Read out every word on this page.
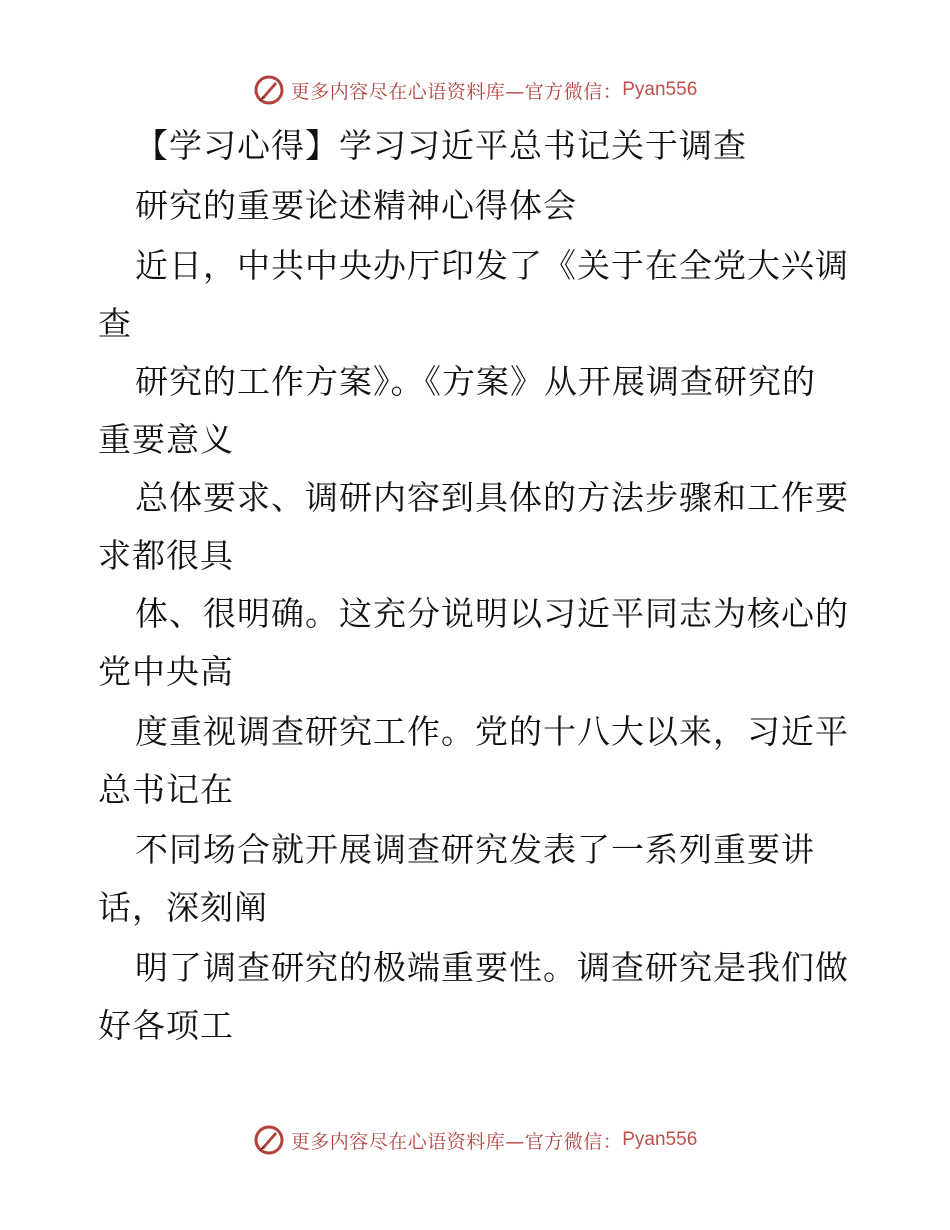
更多内容尽在心语资料库—官方微信： Pyan556
【学习心得】学习习近平总书记关于调查
研究的重要论述精神心得体会
近日，中共中央办厅印发了《关于在全党大兴调
查
研究的工作方案》。《方案》从开展调查研究的
重要意义
总体要求、调研内容到具体的方法步骤和工作要
求都很具
体、很明确。这充分说明以习近平同志为核心的
党中央高
度重视调查研究工作。党的十八大以来，习近平
总书记在
不同场合就开展调查研究发表了一系列重要讲
话，深刻阐
明了调查研究的极端重要性。调查研究是我们做
好各项工
更多内容尽在心语资料库—官方微信： Pyan556
